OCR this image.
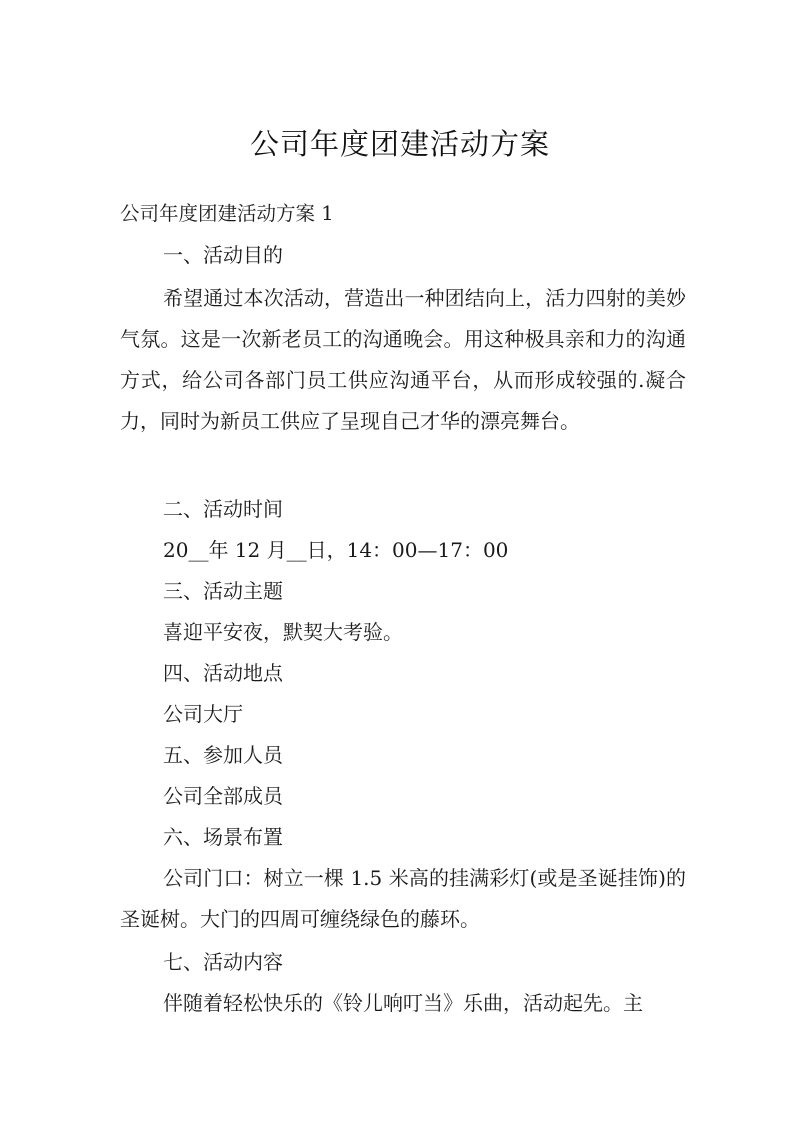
公司年度团建活动方案
公司年度团建活动方案 1
一、活动目的
希望通过本次活动，营造出一种团结向上，活力四射的美妙气氛。这是一次新老员工的沟通晚会。用这种极具亲和力的沟通方式，给公司各部门员工供应沟通平台，从而形成较强的.凝合力，同时为新员工供应了呈现自己才华的漂亮舞台。
二、活动时间
20__年 12 月__日，14：00—17：00
三、活动主题
喜迎平安夜，默契大考验。
四、活动地点
公司大厅
五、参加人员
公司全部成员
六、场景布置
公司门口：树立一棵 1.5 米高的挂满彩灯(或是圣诞挂饰)的圣诞树。大门的四周可缠绕绿色的藤环。
七、活动内容
伴随着轻松快乐的《铃儿响叮当》乐曲，活动起先。主
